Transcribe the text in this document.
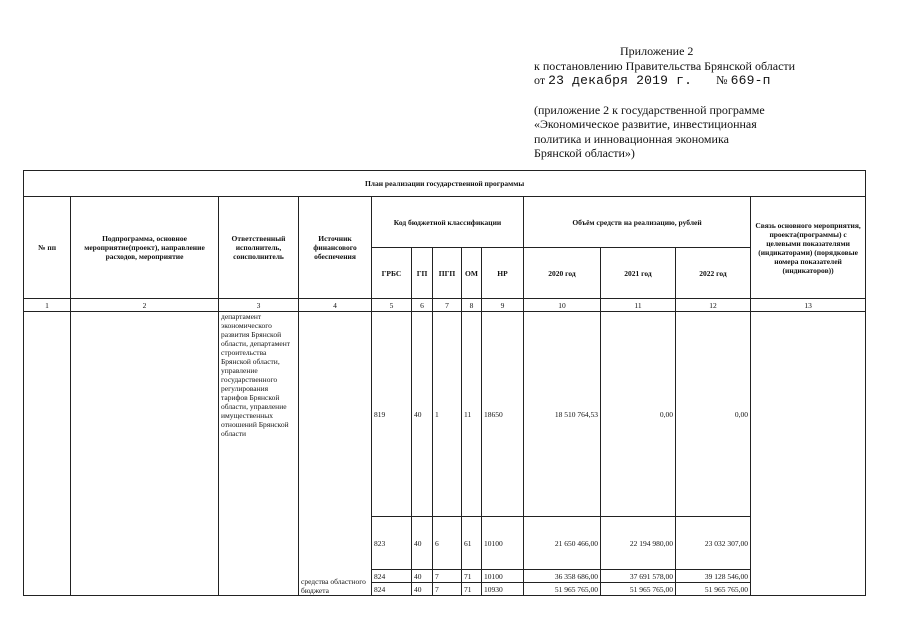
Приложение 2
к постановлению Правительства Брянской области
от 23 декабря 2019 г. № 669-п
(приложение 2 к государственной программе
«Экономическое развитие, инвестиционная
политика и инновационная экономика
Брянской области»)
План реализации государственной программы												
№ пп	Подпрограмма, основное мероприятие(проект), направление расходов, мероприятие	Ответственный исполнитель, соисполнитель	Источник финансового обеспечения	Код бюджетной классификации					Объём средств на реализацию, рублей			Связь основного мероприятия, проекта(программы) с целевыми показателями (индикаторами) (порядковые номера показателей (индикаторов))
				ГРБС	ГП	ПГП	ОМ	НР	2020 год	2021 год	2022 год	
1	2	3	4	5	6	7	8	9	10	11	12	13
		департамент экономического развития Брянской области, департамент строительства Брянской области, управление государственного регулирования тарифов Брянской области, управление имущественных отношений Брянской области	средства областного бюджета	819	40	1	11	18650	18 510 764,53	0,00	0,00	
				823	40	6	61	10100	21 650 466,00	22 194 980,00	23 032 307,00	
				824	40	7	71	10100	36 358 686,00	37 691 578,00	39 128 546,00	
				824	40	7	71	10930	51 965 765,00	51 965 765,00	51 965 765,00	
